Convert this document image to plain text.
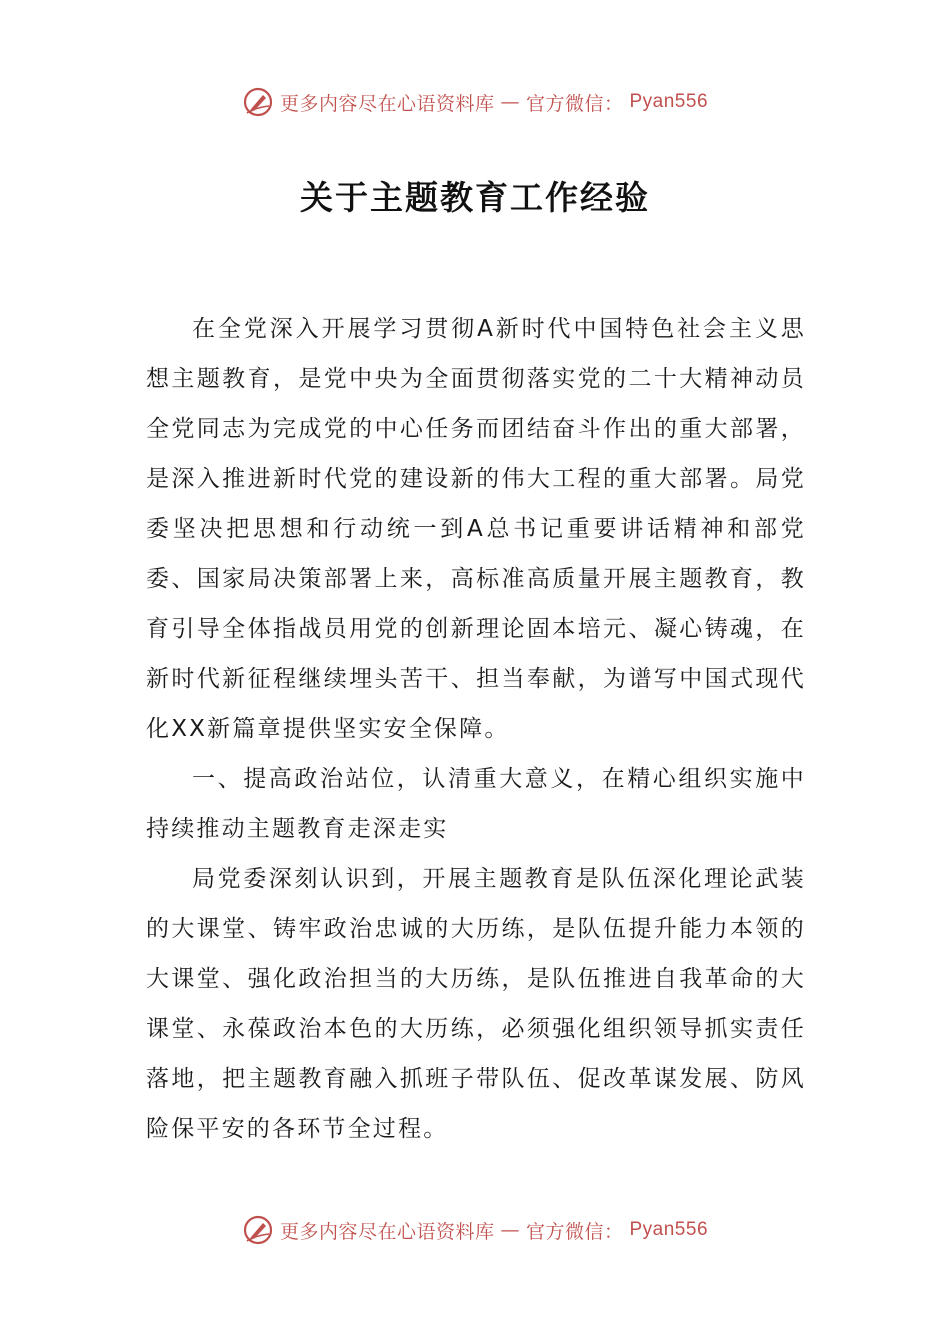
更多内容尽在心语资料库 — 官方微信： Pyan556
关于主题教育工作经验

在全党深入开展学习贯彻A新时代中国特色社会主义思想主题教育，是党中央为全面贯彻落实党的二十大精神动员全党同志为完成党的中心任务而团结奋斗作出的重大部署，是深入推进新时代党的建设新的伟大工程的重大部署。局党委坚决把思想和行动统一到A总书记重要讲话精神和部党委、国家局决策部署上来，高标准高质量开展主题教育，教育引导全体指战员用党的创新理论固本培元、凝心铸魂，在新时代新征程继续埋头苦干、担当奉献，为谱写中国式现代化XX新篇章提供坚实安全保障。

一、提高政治站位，认清重大意义，在精心组织实施中持续推动主题教育走深走实

局党委深刻认识到，开展主题教育是队伍深化理论武装的大课堂、铸牢政治忠诚的大历练，是队伍提升能力本领的大课堂、强化政治担当的大历练，是队伍推进自我革命的大课堂、永葆政治本色的大历练，必须强化组织领导抓实责任落地，把主题教育融入抓班子带队伍、促改革谋发展、防风险保平安的各环节全过程。

更多内容尽在心语资料库 — 官方微信： Pyan556
